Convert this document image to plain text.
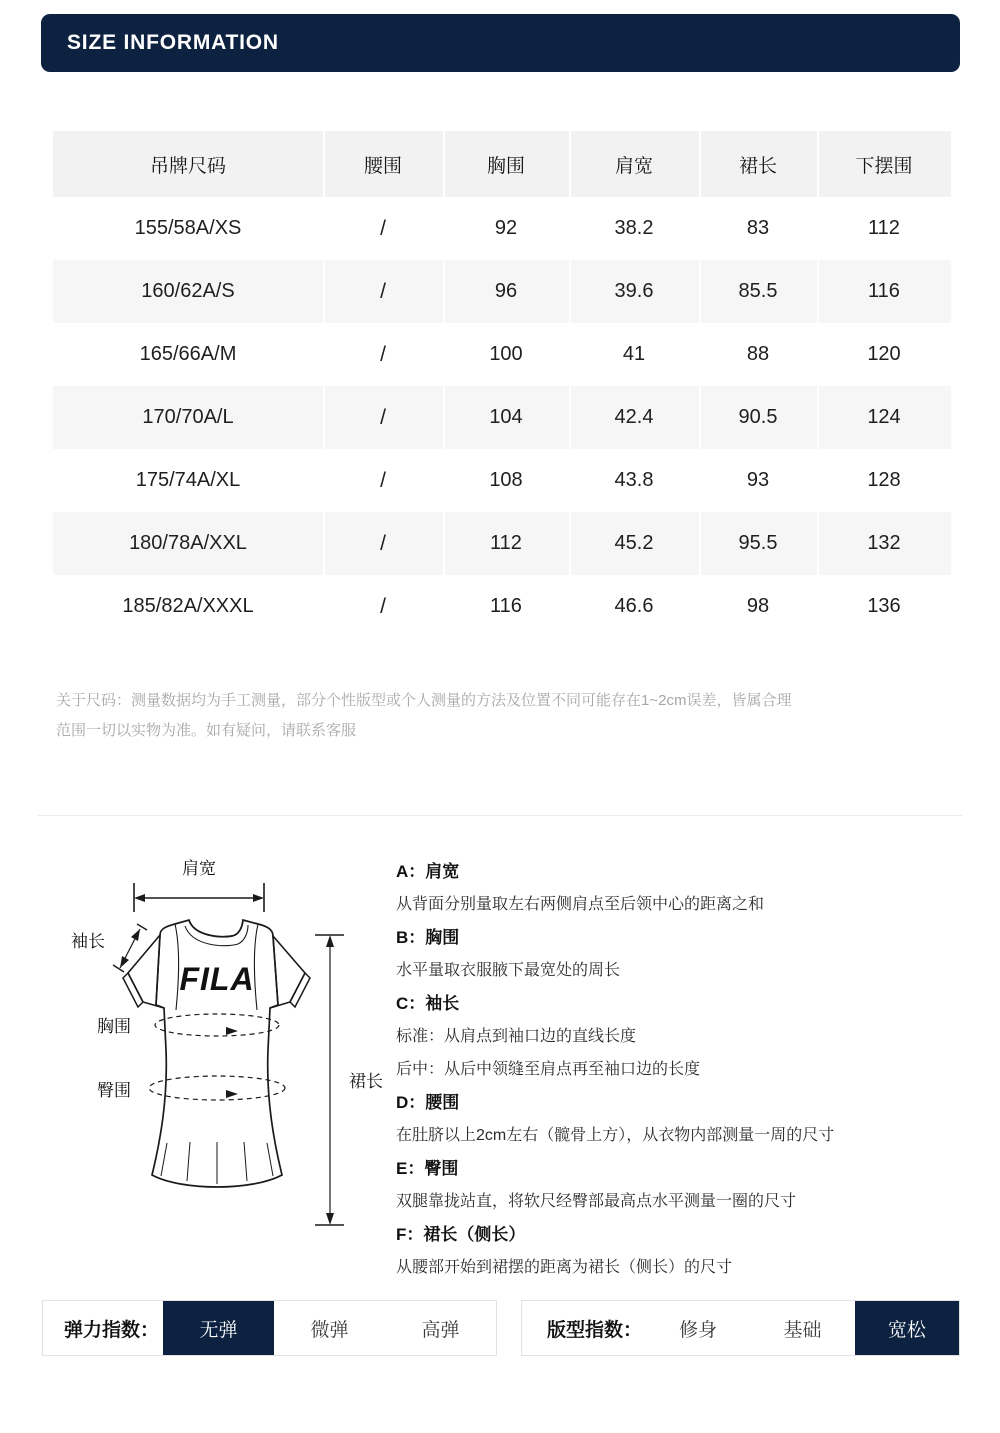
SIZE INFORMATION
吊牌尺码	腰围	胸围	肩宽	裙长	下摆围
155/58A/XS	/	92	38.2	83	112
160/62A/S	/	96	39.6	85.5	116
165/66A/M	/	100	41	88	120
170/70A/L	/	104	42.4	90.5	124
175/74A/XL	/	108	43.8	93	128
180/78A/XXL	/	112	45.2	95.5	132
185/82A/XXXL	/	116	46.6	98	136
关于尺码：测量数据均为手工测量，部分个性版型或个人测量的方法及位置不同可能存在1~2cm误差，皆属合理
范围一切以实物为准。如有疑问，请联系客服
FILA
肩宽
袖长
胸围
臀围	裙长
A：肩宽
从背面分别量取左右两侧肩点至后领中心的距离之和
B：胸围
水平量取衣服腋下最宽处的周长
C：袖长
标准：从肩点到袖口边的直线长度
后中：从后中领缝至肩点再至袖口边的长度
D：腰围
在肚脐以上2cm左右（髋骨上方），从衣物内部测量一周的尺寸
E：臀围
双腿靠拢站直，将软尺经臀部最高点水平测量一圈的尺寸
F：裙长（侧长）
从腰部开始到裙摆的距离为裙长（侧长）的尺寸
弹力指数：	无弹	微弹	高弹	版型指数：	修身	基础	宽松
